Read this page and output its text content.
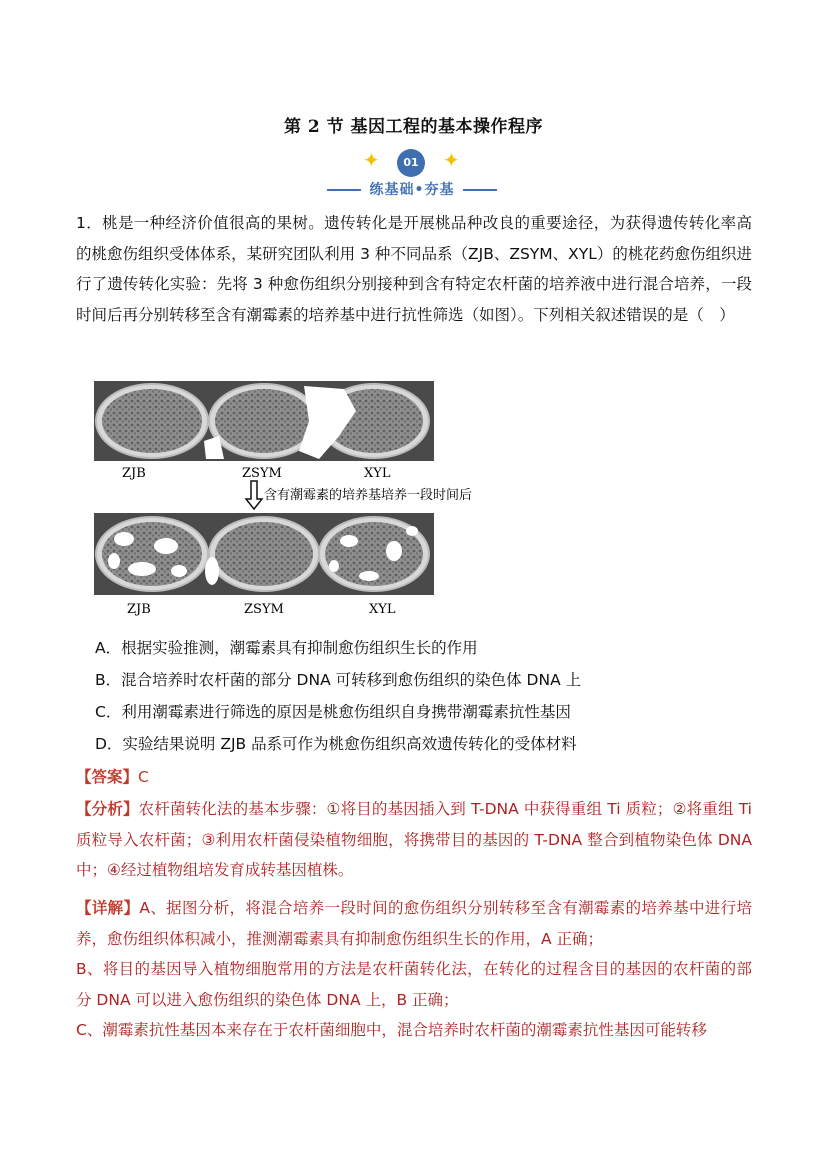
第 2 节 基因工程的基本操作程序
✦	01	✦
练基础•夯基
1．桃是一种经济价值很高的果树。遗传转化是开展桃品种改良的重要途径，为获得遗传转化率高的桃愈伤组织受体体系，某研究团队利用 3 种不同品系（ZJB、ZSYM、XYL）的桃花药愈伤组织进行了遗传转化实验：先将 3 种愈伤组织分别接种到含有特定农杆菌的培养液中进行混合培养，一段时间后再分别转移至含有潮霉素的培养基中进行抗性筛选（如图）。下列相关叙述错误的是（　）
ZJB	ZSYM	XYL
含有潮霉素的培养基培养一段时间后
ZJB	ZSYM	XYL
A．根据实验推测，潮霉素具有抑制愈伤组织生长的作用
B．混合培养时农杆菌的部分 DNA 可转移到愈伤组织的染色体 DNA 上
C．利用潮霉素进行筛选的原因是桃愈伤组织自身携带潮霉素抗性基因
D．实验结果说明 ZJB 品系可作为桃愈伤组织高效遗传转化的受体材料
【答案】C
【分析】农杆菌转化法的基本步骤：①将目的基因插入到 T-DNA 中获得重组 Ti 质粒；②将重组 Ti 质粒导入农杆菌；③利用农杆菌侵染植物细胞，将携带目的基因的 T-DNA 整合到植物染色体 DNA 中；④经过植物组培发育成转基因植株。

【详解】A、据图分析，将混合培养一段时间的愈伤组织分别转移至含有潮霉素的培养基中进行培养，愈伤组织体积减小，推测潮霉素具有抑制愈伤组织生长的作用，A 正确；

B、将目的基因导入植物细胞常用的方法是农杆菌转化法，在转化的过程含目的基因的农杆菌的部分 DNA 可以进入愈伤组织的染色体 DNA 上，B 正确；

C、潮霉素抗性基因本来存在于农杆菌细胞中，混合培养时农杆菌的潮霉素抗性基因可能转移
